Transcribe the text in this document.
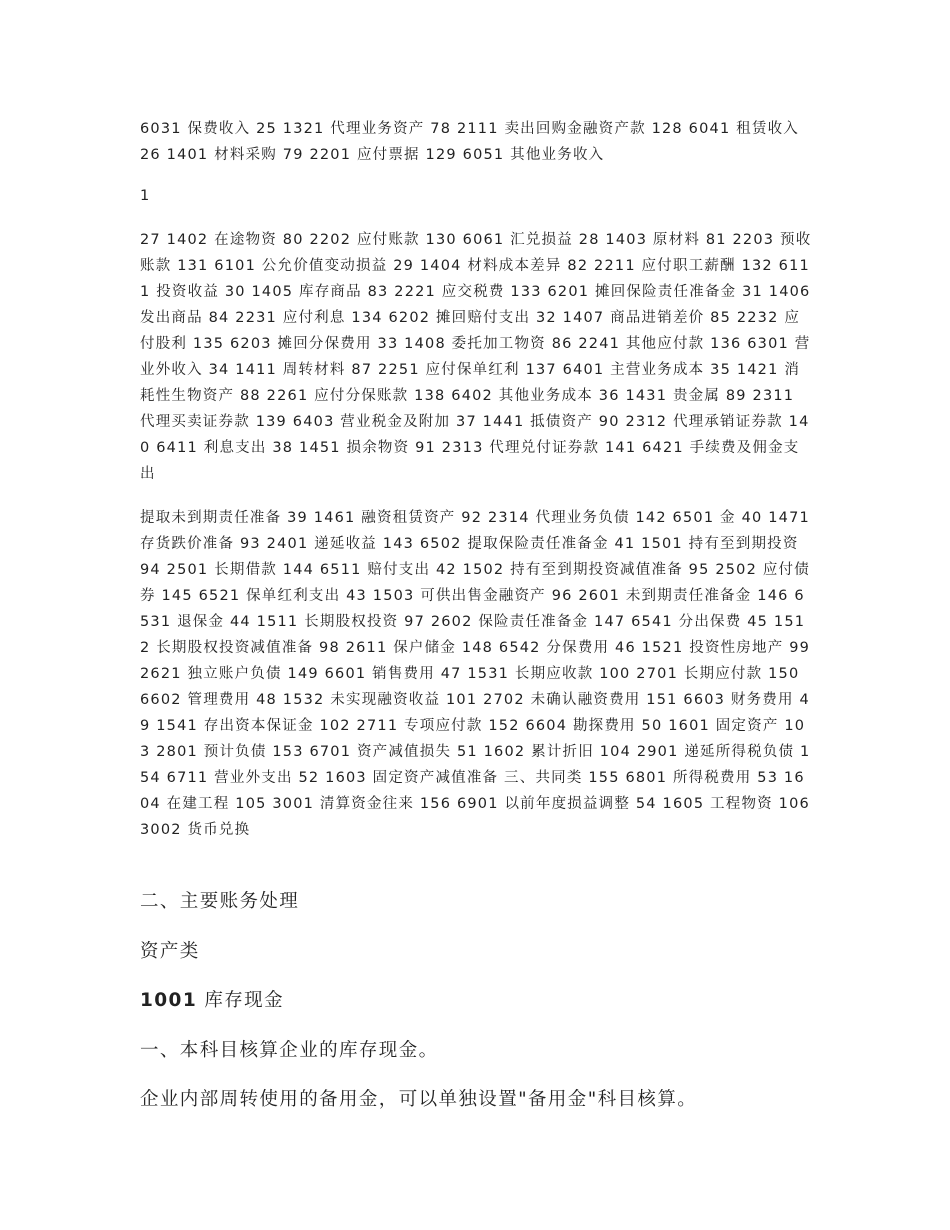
6031 保费收入 25 1321 代理业务资产 78 2111 卖出回购金融资产款 128 6041 租赁收入 26 1401 材料采购 79 2201 应付票据 129 6051 其他业务收入

1

27 1402 在途物资 80 2202 应付账款 130 6061 汇兑损益 28 1403 原材料 81 2203 预收账款 131 6101 公允价值变动损益 29 1404 材料成本差异 82 2211 应付职工薪酬 132 6111 投资收益 30 1405 库存商品 83 2221 应交税费 133 6201 摊回保险责任准备金 31 1406 发出商品 84 2231 应付利息 134 6202 摊回赔付支出 32 1407 商品进销差价 85 2232 应付股利 135 6203 摊回分保费用 33 1408 委托加工物资 86 2241 其他应付款 136 6301 营业外收入 34 1411 周转材料 87 2251 应付保单红利 137 6401 主营业务成本 35 1421 消耗性生物资产 88 2261 应付分保账款 138 6402 其他业务成本 36 1431 贵金属 89 2311 代理买卖证券款 139 6403 营业税金及附加 37 1441 抵债资产 90 2312 代理承销证券款 140 6411 利息支出 38 1451 损余物资 91 2313 代理兑付证券款 141 6421 手续费及佣金支出

提取未到期责任准备 39 1461 融资租赁资产 92 2314 代理业务负债 142 6501 金 40 1471 存货跌价准备 93 2401 递延收益 143 6502 提取保险责任准备金 41 1501 持有至到期投资 94 2501 长期借款 144 6511 赔付支出 42 1502 持有至到期投资减值准备 95 2502 应付债券 145 6521 保单红利支出 43 1503 可供出售金融资产 96 2601 未到期责任准备金 146 6531 退保金 44 1511 长期股权投资 97 2602 保险责任准备金 147 6541 分出保费 45 1512 长期股权投资减值准备 98 2611 保户储金 148 6542 分保费用 46 1521 投资性房地产 99 2621 独立账户负债 149 6601 销售费用 47 1531 长期应收款 100 2701 长期应付款 150 6602 管理费用 48 1532 未实现融资收益 101 2702 未确认融资费用 151 6603 财务费用 49 1541 存出资本保证金 102 2711 专项应付款 152 6604 勘探费用 50 1601 固定资产 103 2801 预计负债 153 6701 资产减值损失 51 1602 累计折旧 104 2901 递延所得税负债 154 6711 营业外支出 52 1603 固定资产减值准备 三、共同类 155 6801 所得税费用 53 1604 在建工程 105 3001 清算资金往来 156 6901 以前年度损益调整 54 1605 工程物资 106 3002 货币兑换

二、主要账务处理

资产类

1001 库存现金

一、本科目核算企业的库存现金。

企业内部周转使用的备用金，可以单独设置"备用金"科目核算。
